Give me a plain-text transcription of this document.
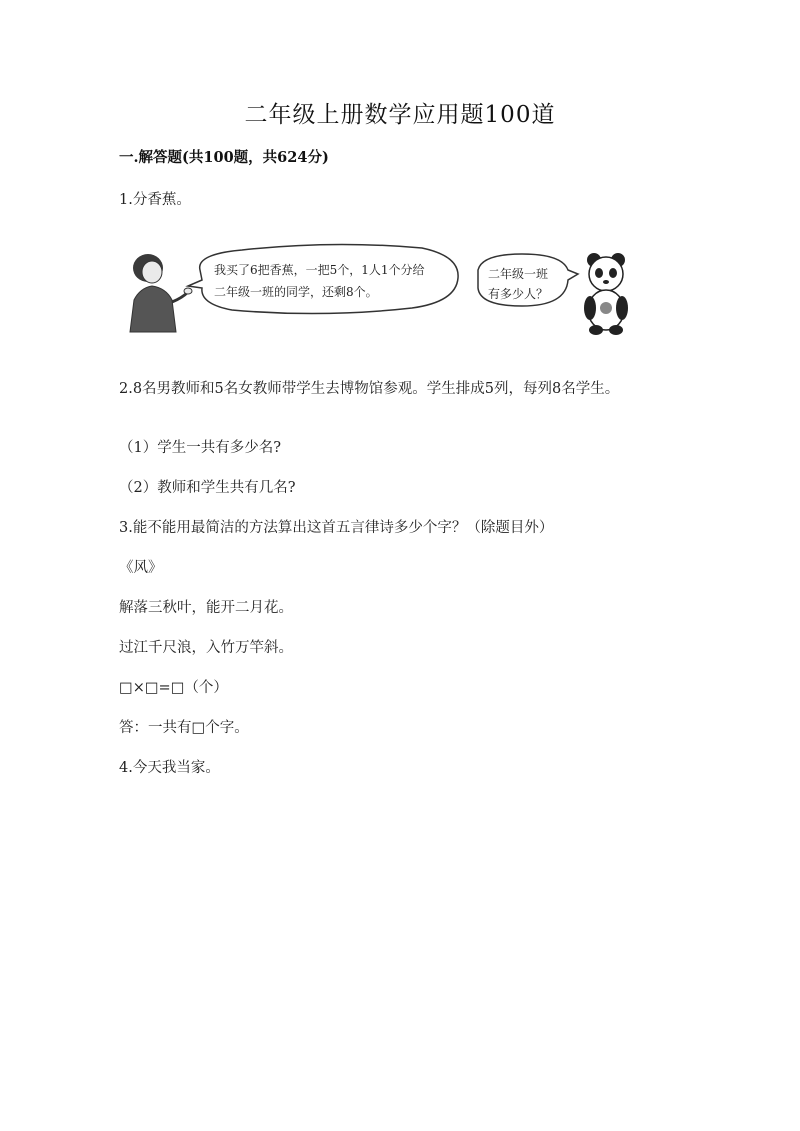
二年级上册数学应用题100道
一.解答题(共100题，共624分)
1.分香蕉。
我买了6把香蕉，一把5个，1人1个分给
二年级一班的同学，还剩8个。
二年级一班
有多少人？
2.8名男教师和5名女教师带学生去博物馆参观。学生排成5列，每列8名学生。
（1）学生一共有多少名?
（2）教师和学生共有几名?
3.能不能用最简洁的方法算出这首五言律诗多少个字？（除题目外）
《风》
解落三秋叶，能开二月花。
过江千尺浪，入竹万竿斜。
□×□=□（个）
答：一共有□个字。
4.今天我当家。
